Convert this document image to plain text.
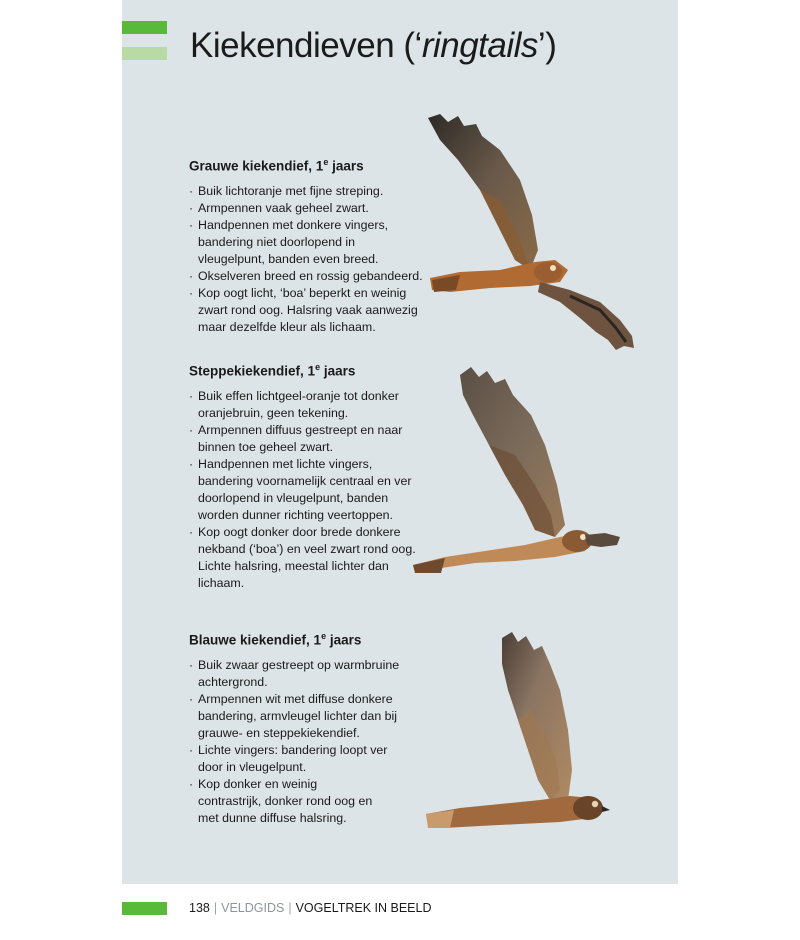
Kiekendieven (‘ringtails’)
Grauwe kiekendief, 1e jaars
· Buik lichtoranje met fijne streping.
· Armpennen vaak geheel zwart.
· Handpennen met donkere vingers, bandering niet doorlopend in vleugelpunt, banden even breed.
· Okselveren breed en rossig gebandeerd.
· Kop oogt licht, ‘boa’ beperkt en weinig zwart rond oog. Halsring vaak aanwezig maar dezelfde kleur als lichaam.
Steppekiekendief, 1e jaars
· Buik effen lichtgeel-oranje tot donker oranjebruin, geen tekening.
· Armpennen diffuus gestreept en naar binnen toe geheel zwart.
· Handpennen met lichte vingers, bandering voornamelijk centraal en ver doorlopend in vleugelpunt, banden worden dunner richting veertoppen.
· Kop oogt donker door brede donkere nekband (‘boa’) en veel zwart rond oog. Lichte halsring, meestal lichter dan lichaam.
Blauwe kiekendief, 1e jaars
· Buik zwaar gestreept op warmbruine achtergrond.
· Armpennen wit met diffuse donkere bandering, armvleugel lichter dan bij grauwe- en steppekiekendief.
· Lichte vingers: bandering loopt ver door in vleugelpunt.
· Kop donker en weinig contrastrijk, donker rond oog en met dunne diffuse halsring.
138 | VELDGIDS | VOGELTREK IN BEELD
